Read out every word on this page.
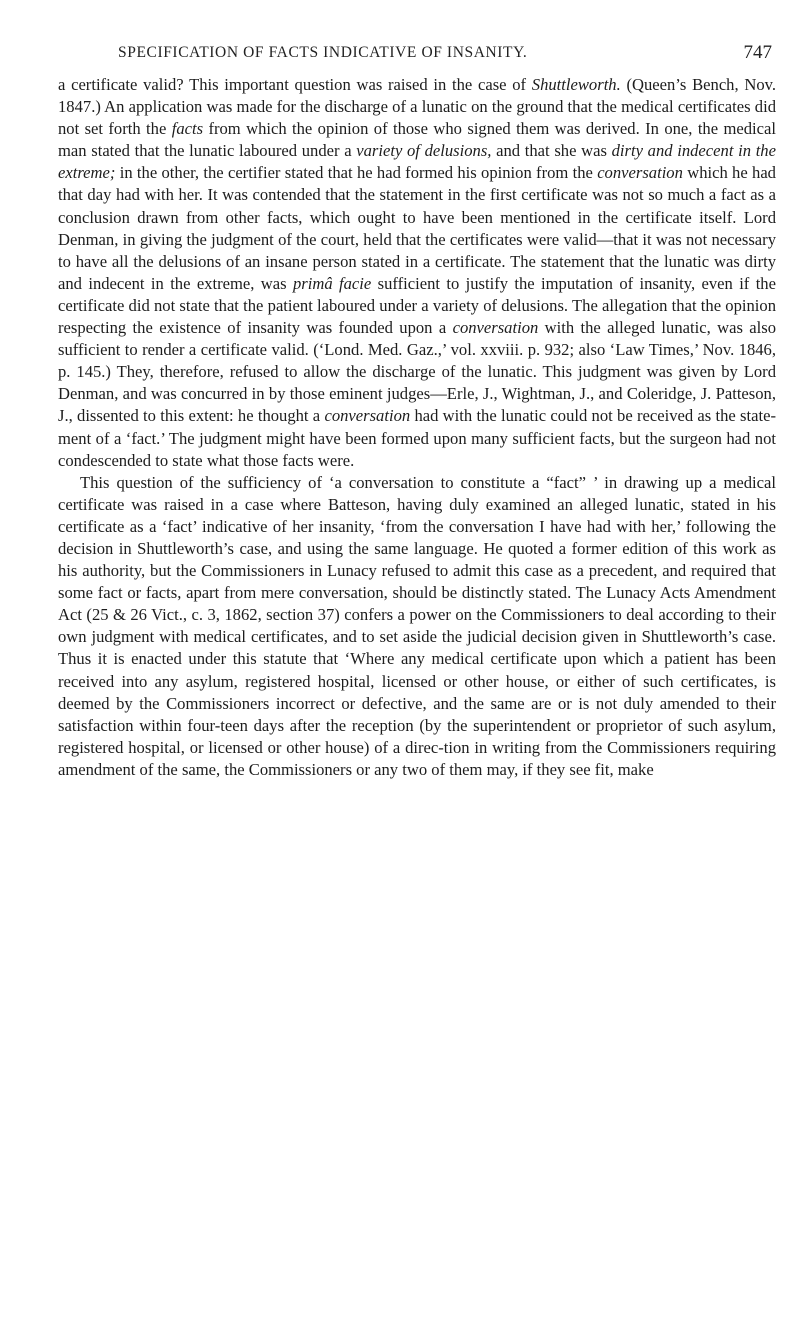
SPECIFICATION OF FACTS INDICATIVE OF INSANITY.	747

a certificate valid? This important question was raised in the case of Shuttleworth. (Queen’s Bench, Nov. 1847.) An application was made for the discharge of a lunatic on the ground that the medical certificates did not set forth the facts from which the opinion of those who signed them was derived. In one, the medical man stated that the lunatic laboured under a variety of delusions, and that she was dirty and indecent in the extreme; in the other, the certifier stated that he had formed his opinion from the conversation which he had that day had with her. It was contended that the statement in the first certificate was not so much a fact as a conclusion drawn from other facts, which ought to have been mentioned in the certificate itself. Lord Denman, in giving the judgment of the court, held that the certificates were valid—that it was not necessary to have all the delusions of an insane person stated in a certificate. The statement that the lunatic was dirty and indecent in the extreme, was primâ facie sufficient to justify the imputation of insanity, even if the certificate did not state that the patient laboured under a variety of delusions. The allegation that the opinion respecting the existence of insanity was founded upon a conversation with the alleged lunatic, was also sufficient to render a certificate valid. (‘Lond. Med. Gaz.,’ vol. xxviii. p. 932; also ‘Law Times,’ Nov. 1846, p. 145.) They, therefore, refused to allow the discharge of the lunatic. This judgment was given by Lord Denman, and was concurred in by those eminent judges—Erle, J., Wightman, J., and Coleridge, J. Patteson, J., dissented to this extent: he thought a conversation had with the lunatic could not be received as the state-ment of a ‘fact.’ The judgment might have been formed upon many sufficient facts, but the surgeon had not condescended to state what those facts were.

This question of the sufficiency of ‘a conversation to constitute a “fact” ’ in drawing up a medical certificate was raised in a case where Batteson, having duly examined an alleged lunatic, stated in his certificate as a ‘fact’ indicative of her insanity, ‘from the conversation I have had with her,’ following the decision in Shuttleworth’s case, and using the same language. He quoted a former edition of this work as his authority, but the Commissioners in Lunacy refused to admit this case as a precedent, and required that some fact or facts, apart from mere conversation, should be distinctly stated. The Lunacy Acts Amendment Act (25 & 26 Vict., c. 3, 1862, section 37) confers a power on the Commissioners to deal according to their own judgment with medical certificates, and to set aside the judicial decision given in Shuttleworth’s case. Thus it is enacted under this statute that ‘Where any medical certificate upon which a patient has been received into any asylum, registered hospital, licensed or other house, or either of such certificates, is deemed by the Commissioners incorrect or defective, and the same are or is not duly amended to their satisfaction within four-teen days after the reception (by the superintendent or proprietor of such asylum, registered hospital, or licensed or other house) of a direc-tion in writing from the Commissioners requiring amendment of the same, the Commissioners or any two of them may, if they see fit, make
